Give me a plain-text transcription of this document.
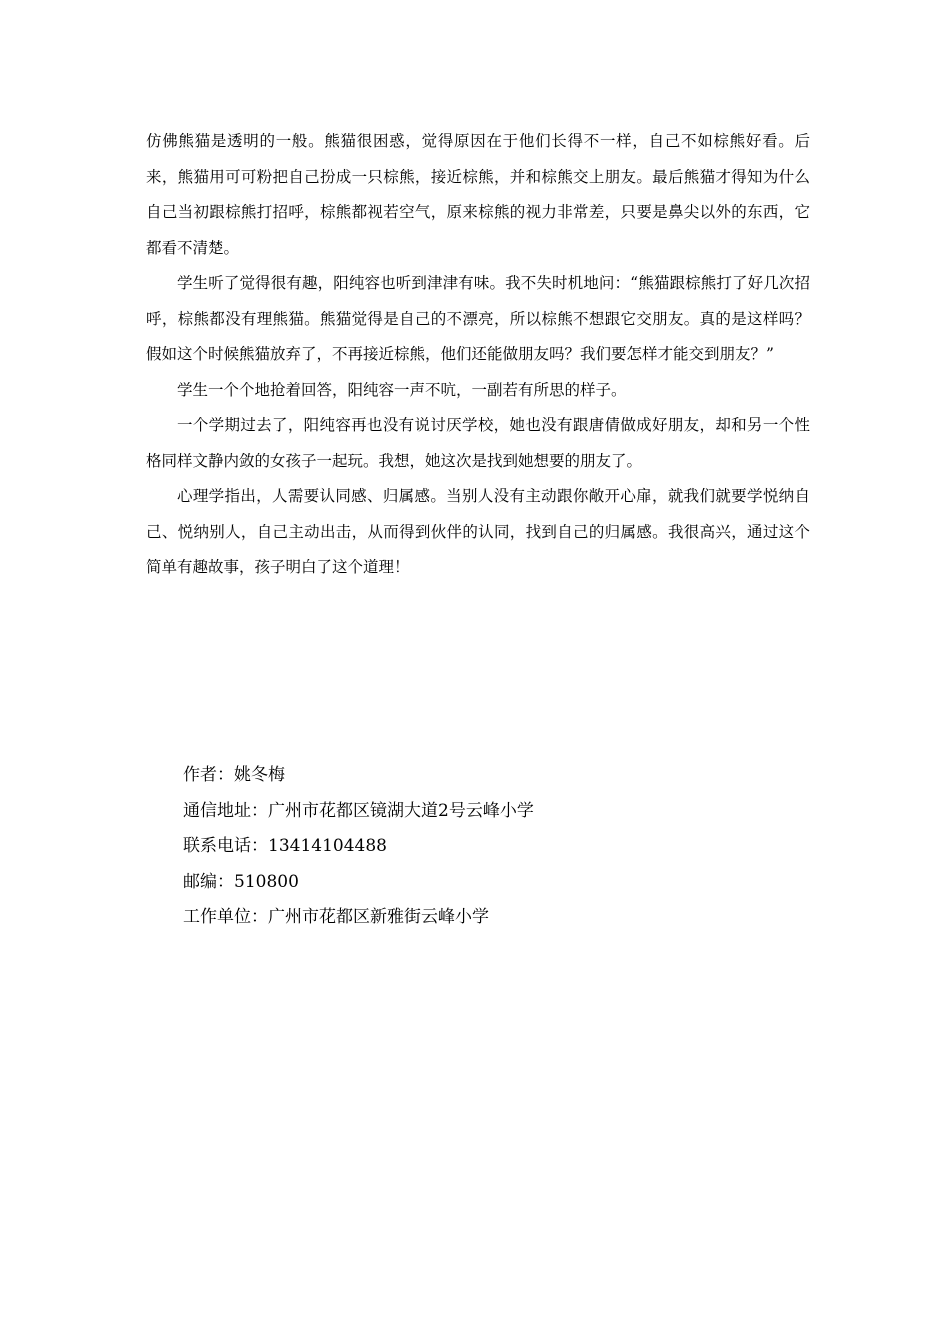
仿佛熊猫是透明的一般。熊猫很困惑，觉得原因在于他们长得不一样，自己不如棕熊好看。后来，熊猫用可可粉把自己扮成一只棕熊，接近棕熊，并和棕熊交上朋友。最后熊猫才得知为什么自己当初跟棕熊打招呼，棕熊都视若空气，原来棕熊的视力非常差，只要是鼻尖以外的东西，它都看不清楚。

学生听了觉得很有趣，阳纯容也听到津津有味。我不失时机地问：“熊猫跟棕熊打了好几次招呼，棕熊都没有理熊猫。熊猫觉得是自己的不漂亮，所以棕熊不想跟它交朋友。真的是这样吗？假如这个时候熊猫放弃了，不再接近棕熊，他们还能做朋友吗？我们要怎样才能交到朋友？”

学生一个个地抢着回答，阳纯容一声不吭，一副若有所思的样子。

一个学期过去了，阳纯容再也没有说讨厌学校，她也没有跟唐倩做成好朋友，却和另一个性格同样文静内敛的女孩子一起玩。我想，她这次是找到她想要的朋友了。

心理学指出，人需要认同感、归属感。当别人没有主动跟你敞开心扉，就我们就要学悦纳自己、悦纳别人，自己主动出击，从而得到伙伴的认同，找到自己的归属感。我很高兴，通过这个简单有趣故事，孩子明白了这个道理！

作者：姚冬梅
通信地址：广州市花都区镜湖大道2号云峰小学
联系电话：13414104488
邮编：510800
工作单位：广州市花都区新雅街云峰小学
